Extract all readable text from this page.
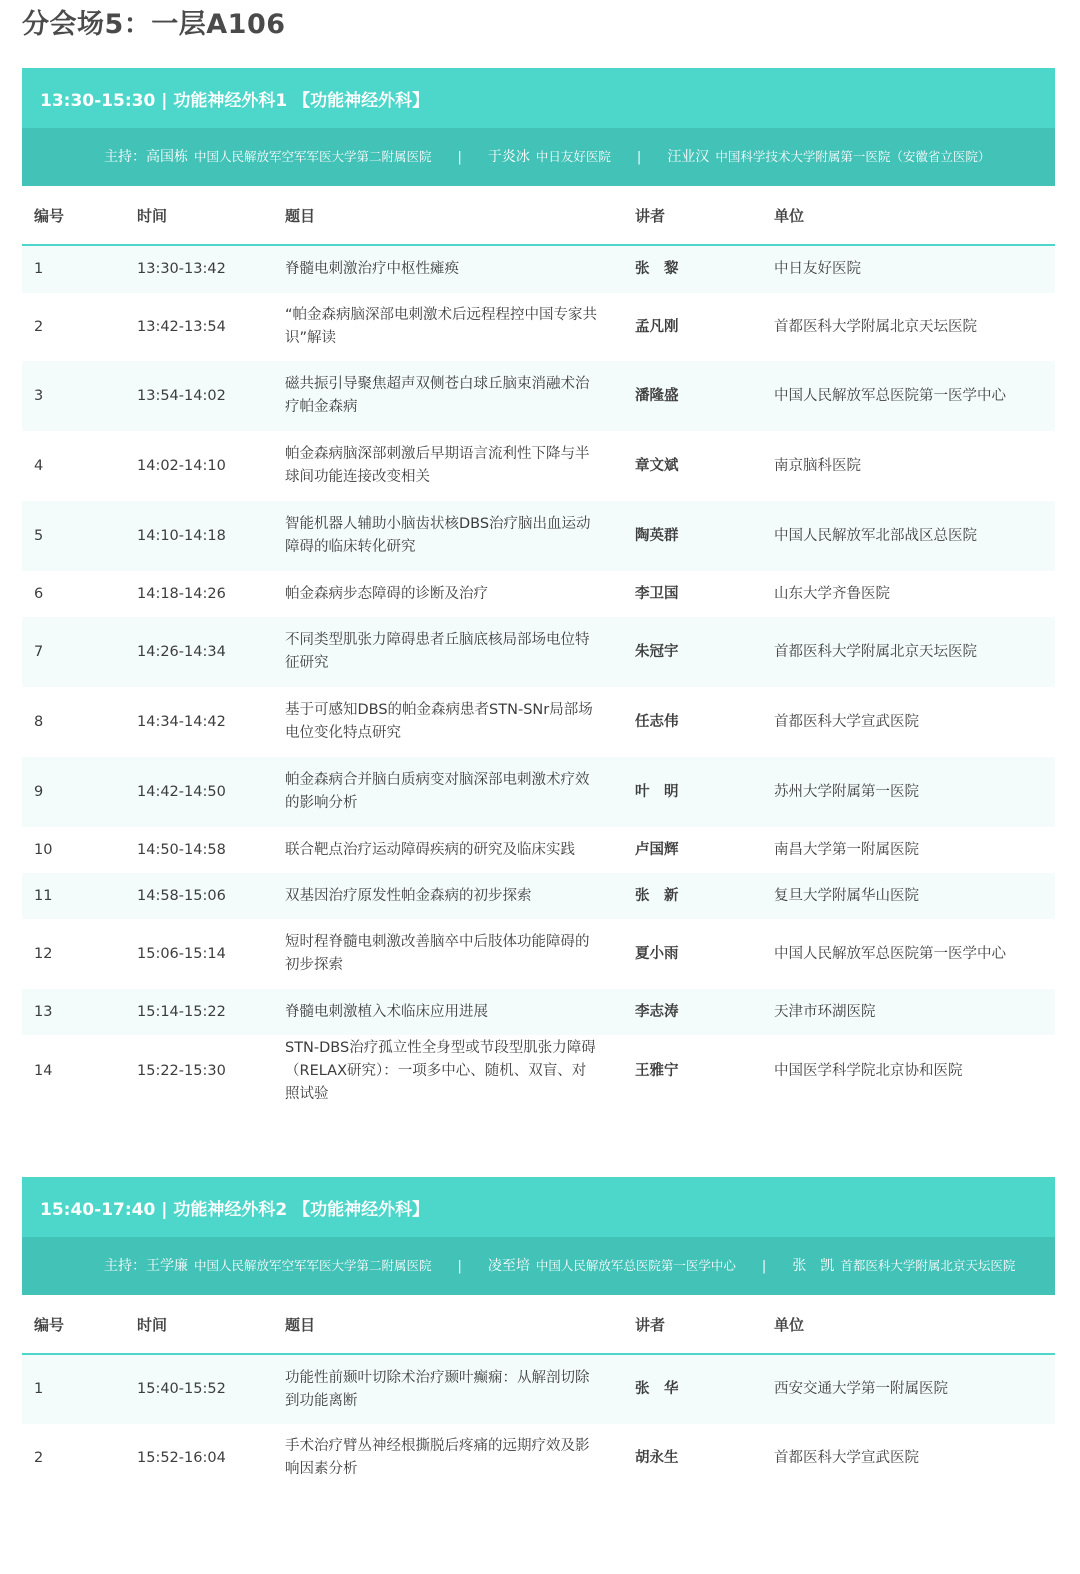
分会场5：一层A106
13:30-15:30 | 功能神经外科1 【功能神经外科】
主持：高国栋 中国人民解放军空军军医大学第二附属医院 | 于炎冰 中日友好医院 | 汪业汉 中国科学技术大学附属第一医院（安徽省立医院）
编号	时间	题目	讲者	单位
1	13:30-13:42	脊髓电刺激治疗中枢性瘫痪	张　黎	中日友好医院
2	13:42-13:54	“帕金森病脑深部电刺激术后远程程控中国专家共识”解读	孟凡刚	首都医科大学附属北京天坛医院
3	13:54-14:02	磁共振引导聚焦超声双侧苍白球丘脑束消融术治疗帕金森病	潘隆盛	中国人民解放军总医院第一医学中心
4	14:02-14:10	帕金森病脑深部刺激后早期语言流利性下降与半球间功能连接改变相关	章文斌	南京脑科医院
5	14:10-14:18	智能机器人辅助小脑齿状核DBS治疗脑出血运动障碍的临床转化研究	陶英群	中国人民解放军北部战区总医院
6	14:18-14:26	帕金森病步态障碍的诊断及治疗	李卫国	山东大学齐鲁医院
7	14:26-14:34	不同类型肌张力障碍患者丘脑底核局部场电位特征研究	朱冠宇	首都医科大学附属北京天坛医院
8	14:34-14:42	基于可感知DBS的帕金森病患者STN-SNr局部场电位变化特点研究	任志伟	首都医科大学宣武医院
9	14:42-14:50	帕金森病合并脑白质病变对脑深部电刺激术疗效的影响分析	叶　明	苏州大学附属第一医院
10	14:50-14:58	联合靶点治疗运动障碍疾病的研究及临床实践	卢国辉	南昌大学第一附属医院
11	14:58-15:06	双基因治疗原发性帕金森病的初步探索	张　新	复旦大学附属华山医院
12	15:06-15:14	短时程脊髓电刺激改善脑卒中后肢体功能障碍的初步探索	夏小雨	中国人民解放军总医院第一医学中心
13	15:14-15:22	脊髓电刺激植入术临床应用进展	李志涛	天津市环湖医院
14	15:22-15:30	STN-DBS治疗孤立性全身型或节段型肌张力障碍（RELAX研究）：一项多中心、随机、双盲、对照试验	王雅宁	中国医学科学院北京协和医院
15:40-17:40 | 功能神经外科2 【功能神经外科】
主持：王学廉 中国人民解放军空军军医大学第二附属医院 | 凌至培 中国人民解放军总医院第一医学中心 | 张　凯 首都医科大学附属北京天坛医院
编号	时间	题目	讲者	单位
1	15:40-15:52	功能性前颞叶切除术治疗颞叶癫痫：从解剖切除到功能离断	张　华	西安交通大学第一附属医院
2	15:52-16:04	手术治疗臂丛神经根撕脱后疼痛的远期疗效及影响因素分析	胡永生	首都医科大学宣武医院
